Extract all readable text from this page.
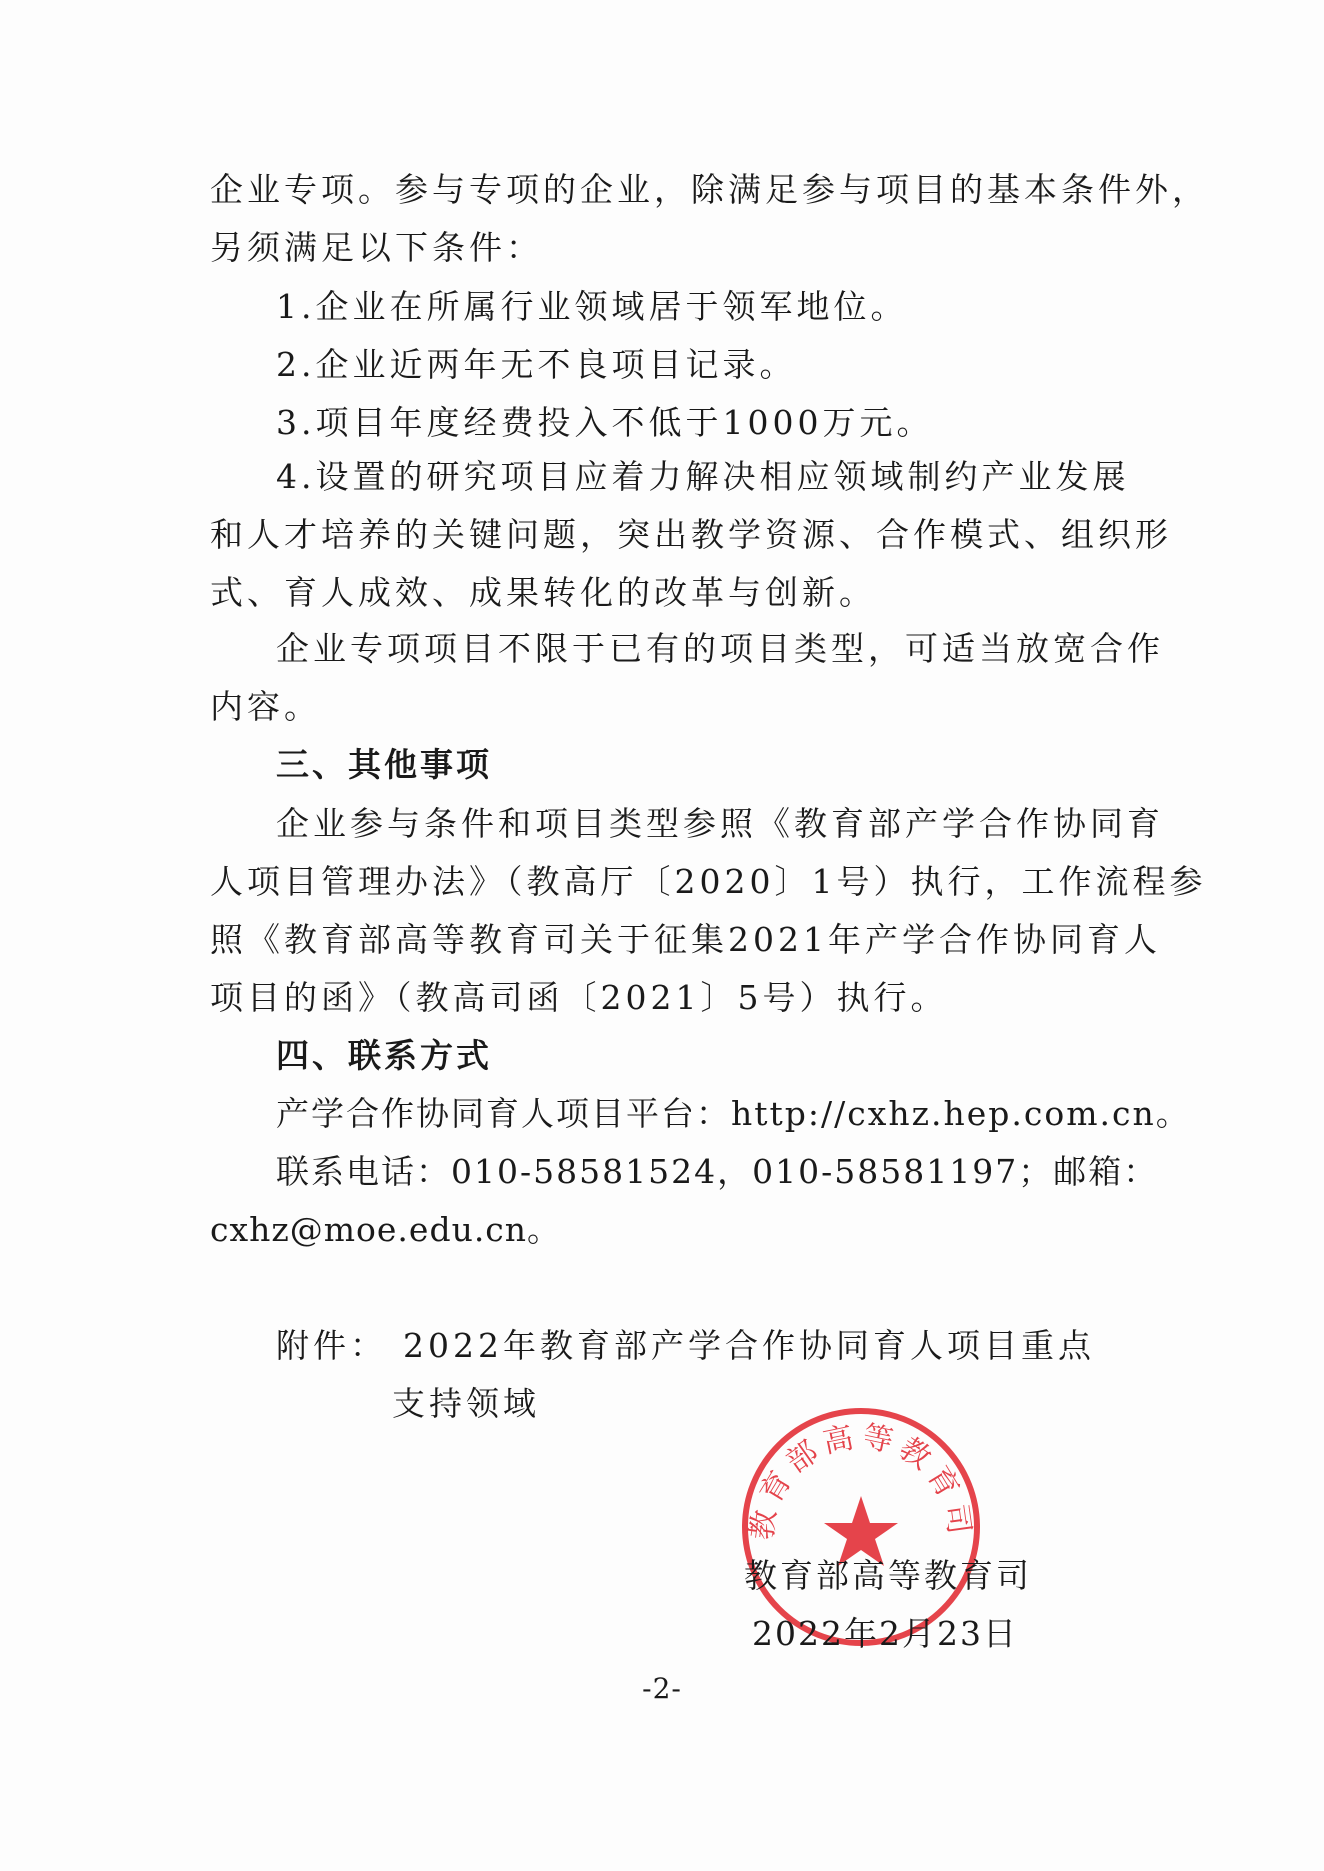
企业专项。参与专项的企业，除满足参与项目的基本条件外，
另须满足以下条件：
1.企业在所属行业领域居于领军地位。
2.企业近两年无不良项目记录。
3.项目年度经费投入不低于1000万元。
4.设置的研究项目应着力解决相应领域制约产业发展
和人才培养的关键问题，突出教学资源、合作模式、组织形
式、育人成效、成果转化的改革与创新。
企业专项项目不限于已有的项目类型，可适当放宽合作
内容。
三、其他事项
企业参与条件和项目类型参照《教育部产学合作协同育
人项目管理办法》（教高厅〔2020〕1号）执行，工作流程参
照《教育部高等教育司关于征集2021年产学合作协同育人
项目的函》（教高司函〔2021〕5号）执行。
四、联系方式
产学合作协同育人项目平台：http://cxhz.hep.com.cn。
联系电话：010-58581524，010-58581197；邮箱：
cxhz@moe.edu.cn。
附件： 2022年教育部产学合作协同育人项目重点
支持领域
教育部高等教育司
教育部高等教育司
2022年2月23日
-2-
